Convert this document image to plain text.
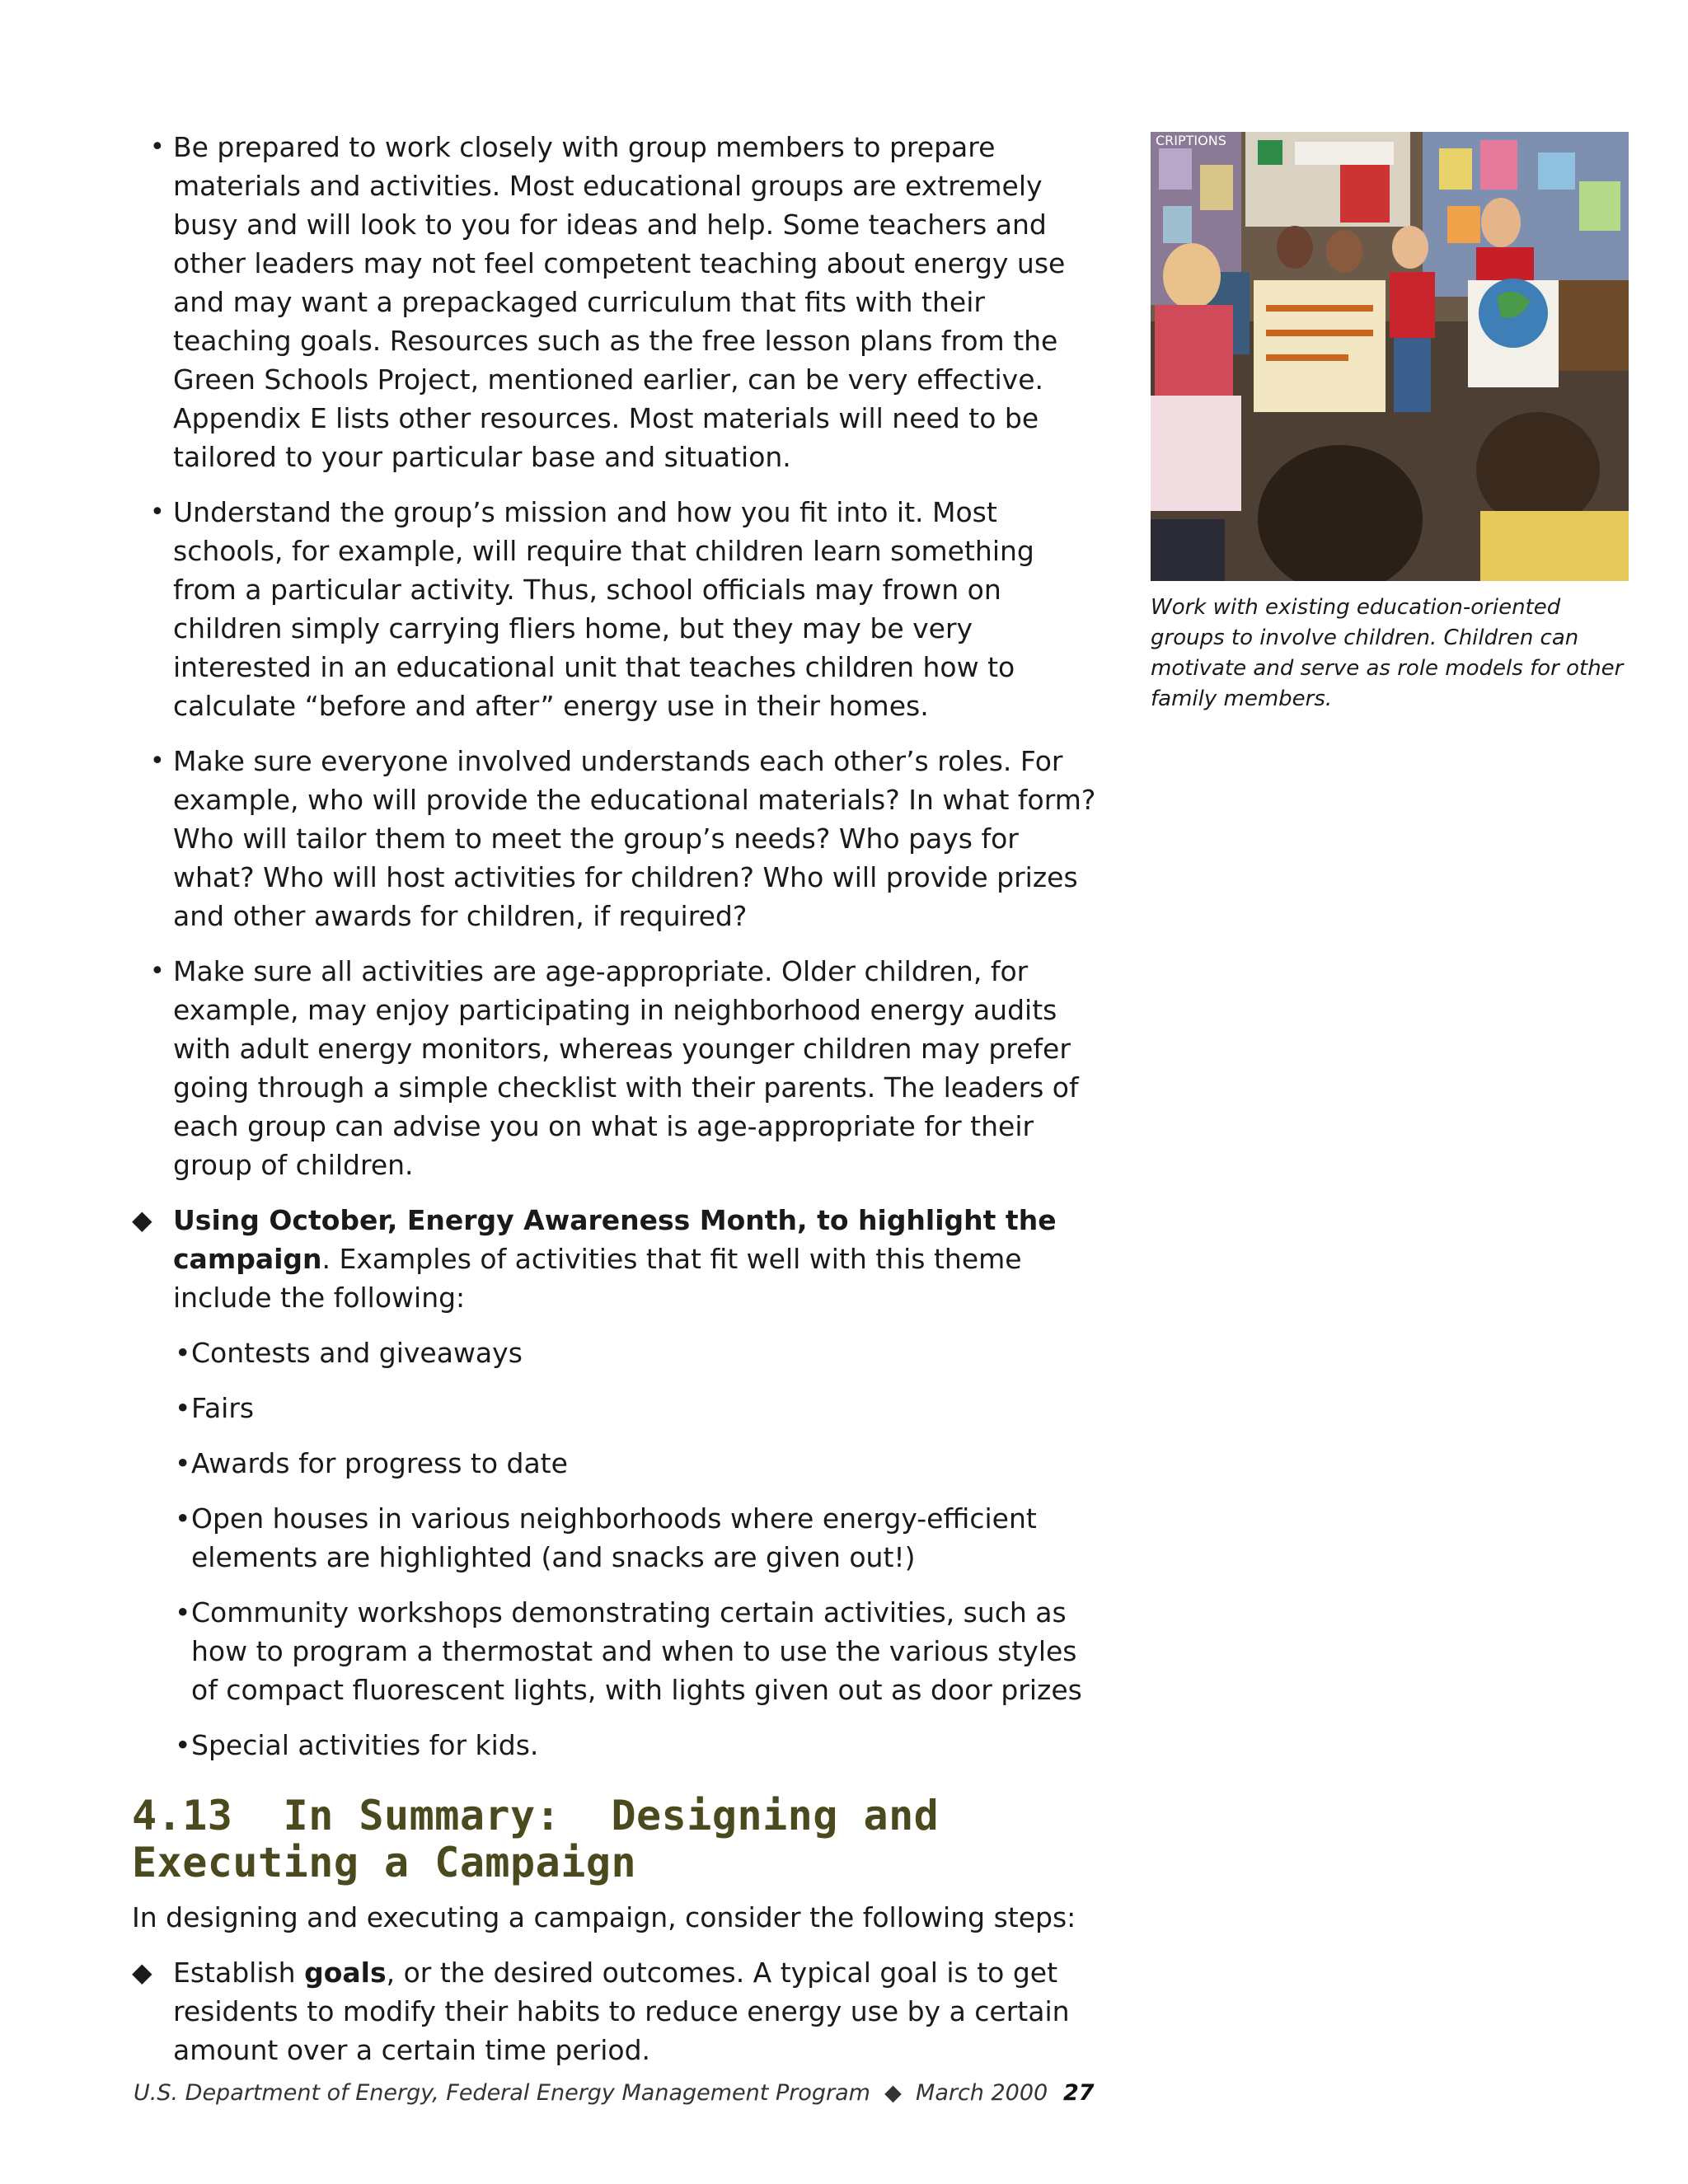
• Be prepared to work closely with group members to prepare materials and activities. Most educational groups are extremely busy and will look to you for ideas and help. Some teachers and other leaders may not feel competent teaching about energy use and may want a prepackaged curriculum that fits with their teaching goals. Resources such as the free lesson plans from the Green Schools Project, mentioned earlier, can be very effective. Appendix E lists other resources. Most materials will need to be tailored to your particular base and situation.
• Understand the group’s mission and how you fit into it. Most schools, for example, will require that children learn something from a particular activity. Thus, school officials may frown on children simply carrying fliers home, but they may be very interested in an educational unit that teaches children how to calculate “before and after” energy use in their homes.
• Make sure everyone involved understands each other’s roles. For example, who will provide the educational materials? In what form? Who will tailor them to meet the group’s needs? Who pays for what? Who will host activities for children? Who will provide prizes and other awards for children, if required?
• Make sure all activities are age-appropriate. Older children, for example, may enjoy participating in neighborhood energy audits with adult energy monitors, whereas younger children may prefer going through a simple checklist with their parents. The leaders of each group can advise you on what is age-appropriate for their group of children.
◆ Using October, Energy Awareness Month, to highlight the campaign. Examples of activities that fit well with this theme include the following:
• Contests and giveaways
• Fairs
• Awards for progress to date
• Open houses in various neighborhoods where energy-efficient elements are highlighted (and snacks are given out!)
• Community workshops demonstrating certain activities, such as how to program a thermostat and when to use the various styles of compact fluorescent lights, with lights given out as door prizes
• Special activities for kids.
4.13  In Summary:  Designing and
Executing a Campaign
In designing and executing a campaign, consider the following steps:
◆ Establish goals, or the desired outcomes. A typical goal is to get residents to modify their habits to reduce energy use by a certain amount over a certain time period.
CRIPTIONS
Work with existing education-oriented groups to involve children. Children can motivate and serve as role models for other family members.
U.S. Department of Energy, Federal Energy Management Program  ◆  March 2000 27
